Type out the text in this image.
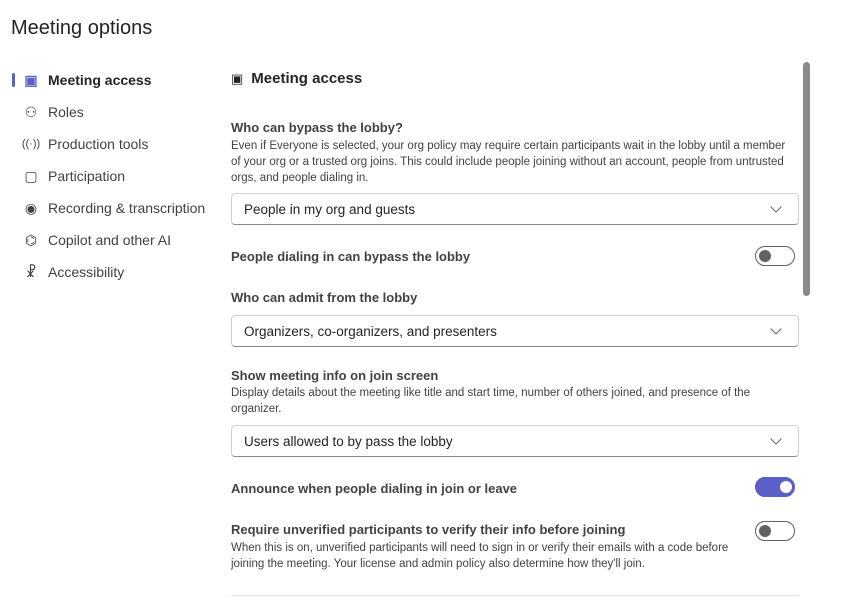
Meeting options
▣ Meeting access
⚇ Roles
((·)) Production tools
▢ Participation
◉ Recording & transcription
⌬ Copilot and other AI
☧ Accessibility
▣ Meeting access
Who can bypass the lobby?
Even if Everyone is selected, your org policy may require certain participants wait in the lobby until a member of your org or a trusted org joins. This could include people joining without an account, people from untrusted orgs, and people dialing in.
People in my org and guests
People dialing in can bypass the lobby
Who can admit from the lobby
Organizers, co-organizers, and presenters
Show meeting info on join screen
Display details about the meeting like title and start time, number of others joined, and presence of the organizer.
Users allowed to by pass the lobby
Announce when people dialing in join or leave
Require unverified participants to verify their info before joining
When this is on, unverified participants will need to sign in or verify their emails with a code before joining the meeting. Your license and admin policy also determine how they'll join.
